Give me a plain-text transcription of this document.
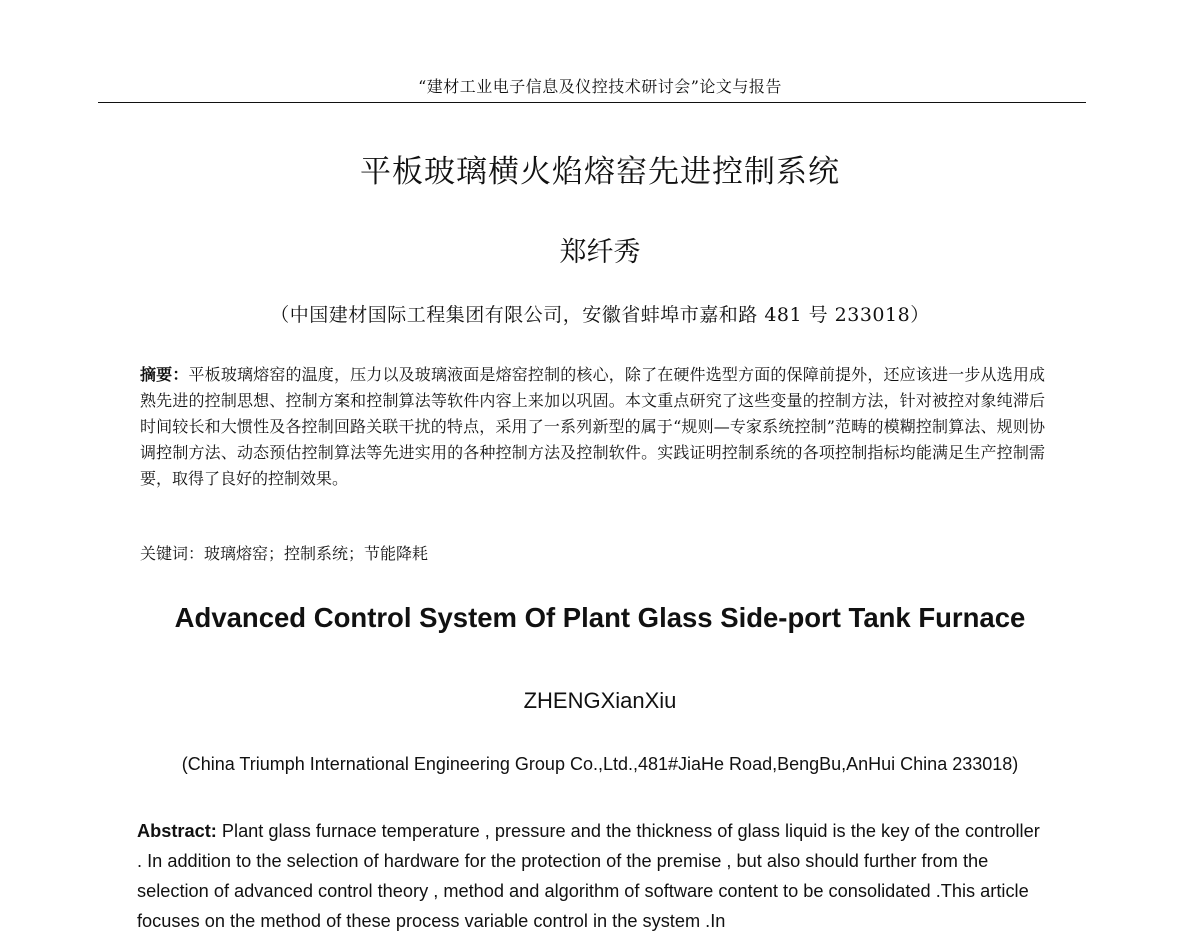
“建材工业电子信息及仪控技术研讨会”论文与报告
平板玻璃横火焰熔窑先进控制系统
郑纤秀
（中国建材国际工程集团有限公司，安徽省蚌埠市嘉和路 481 号 233018）

摘要：平板玻璃熔窑的温度，压力以及玻璃液面是熔窑控制的核心，除了在硬件选型方面的保障前提外，还应该进一步从选用成熟先进的控制思想、控制方案和控制算法等软件内容上来加以巩固。本文重点研究了这些变量的控制方法，针对被控对象纯滞后时间较长和大惯性及各控制回路关联干扰的特点，采用了一系列新型的属于“规则—专家系统控制”范畴的模糊控制算法、规则协调控制方法、动态预估控制算法等先进实用的各种控制方法及控制软件。实践证明控制系统的各项控制指标均能满足生产控制需要，取得了良好的控制效果。

关键词：玻璃熔窑；控制系统；节能降耗

Advanced Control System Of Plant Glass Side-port Tank Furnace
ZHENGXianXiu
(China Triumph International Engineering Group Co.,Ltd.,481#JiaHe Road,BengBu,AnHui China 233018)

Abstract: Plant glass furnace temperature , pressure and the thickness of glass liquid is the key of the controller . In addition to the selection of hardware for the protection of the premise , but also should further from the selection of advanced control theory , method and algorithm of software content to be consolidated .This article focuses on the method of these process variable control in the system .In
